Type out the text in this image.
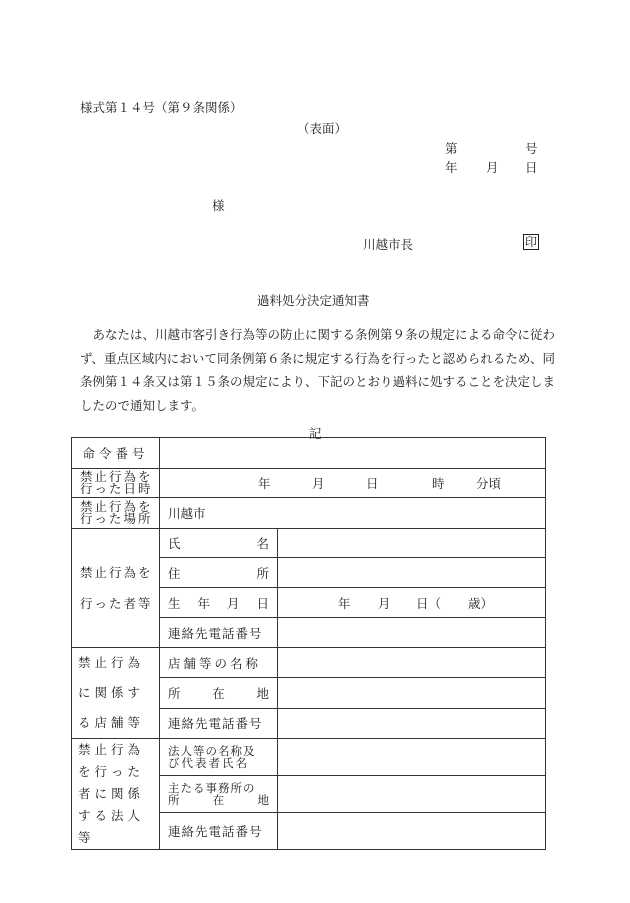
様式第１４号（第９条関係）
（表面）
第	号
年 月 日
様
川越市長	印
過料処分決定通知書

あなたは、川越市客引き行為等の防止に関する条例第９条の規定による命令に従わず、重点区域内において同条例第６条に規定する行為を行ったと認められるため、同条例第１４条又は第１５条の規定により、下記のとおり過料に処することを決定しましたので通知します。

記
命令番号		
禁止行為を行った日時	年 月 日 時 分頃	

禁止行為を行った場所	川越市	
禁止行為を行った者等	氏 名	

	住 所	

	生 年 月 日	年 月 日（ 歳）

	連絡先電話番号	
禁止行為に関係する店舗等	店舗等の名称	

	所 在 地	

	連絡先電話番号	
禁止行為を行った者に関係する法人等	法人等の名称及
び代表者氏名	

	主たる事務所の
所 在 地	

	連絡先電話番号	
